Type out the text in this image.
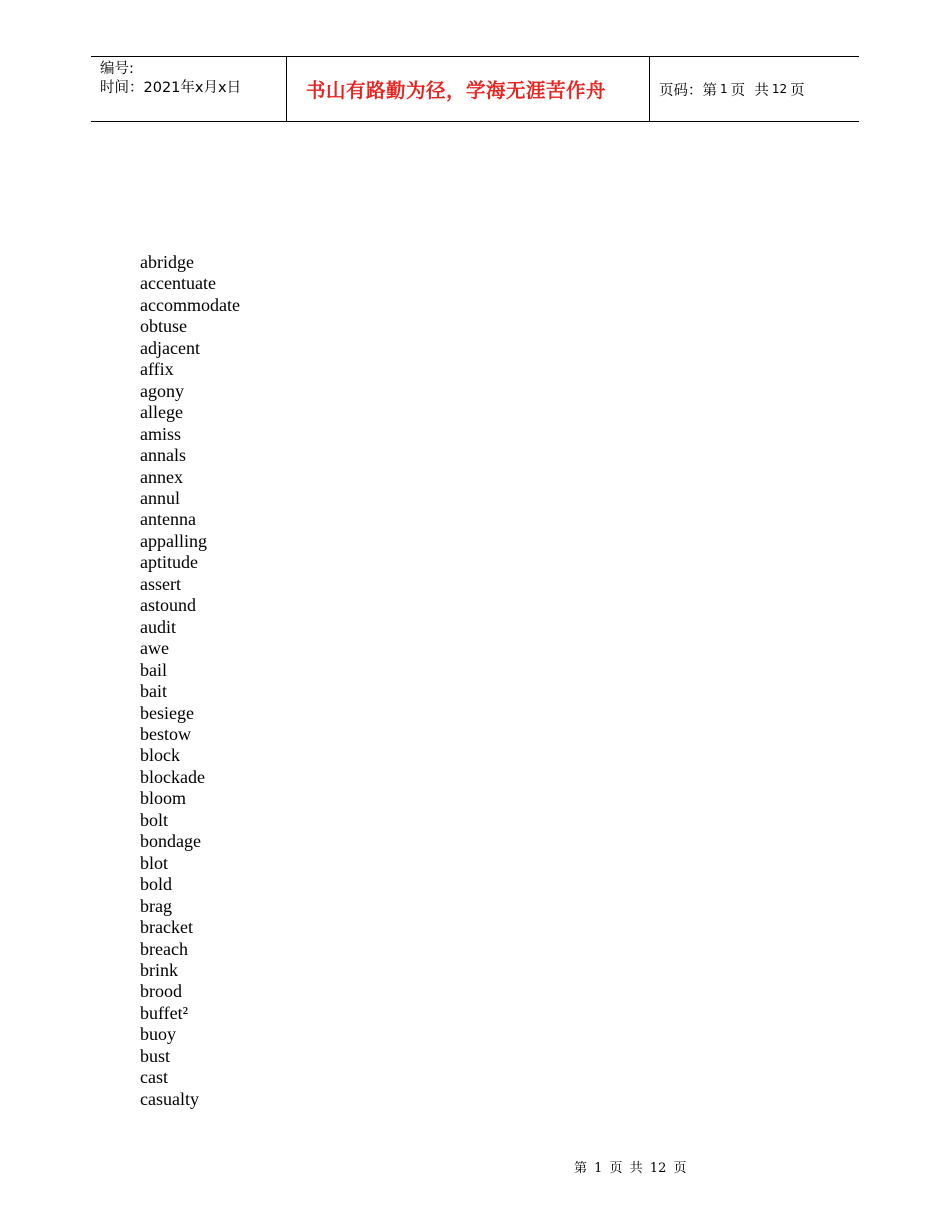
编号:
时间：2021年x月x日	书山有路勤为径，学海无涯苦作舟	页码：第 1 页  共 12 页
abridge
accentuate
accommodate
obtuse
adjacent
affix
agony
allege
amiss
annals
annex
annul
antenna
appalling
aptitude
assert
astound
audit
awe
bail
bait
besiege
bestow
block
blockade
bloom
bolt
bondage
blot
bold
brag
bracket
breach
brink
brood
buffet²
buoy
bust
cast
casualty
第 1 页 共 12 页
